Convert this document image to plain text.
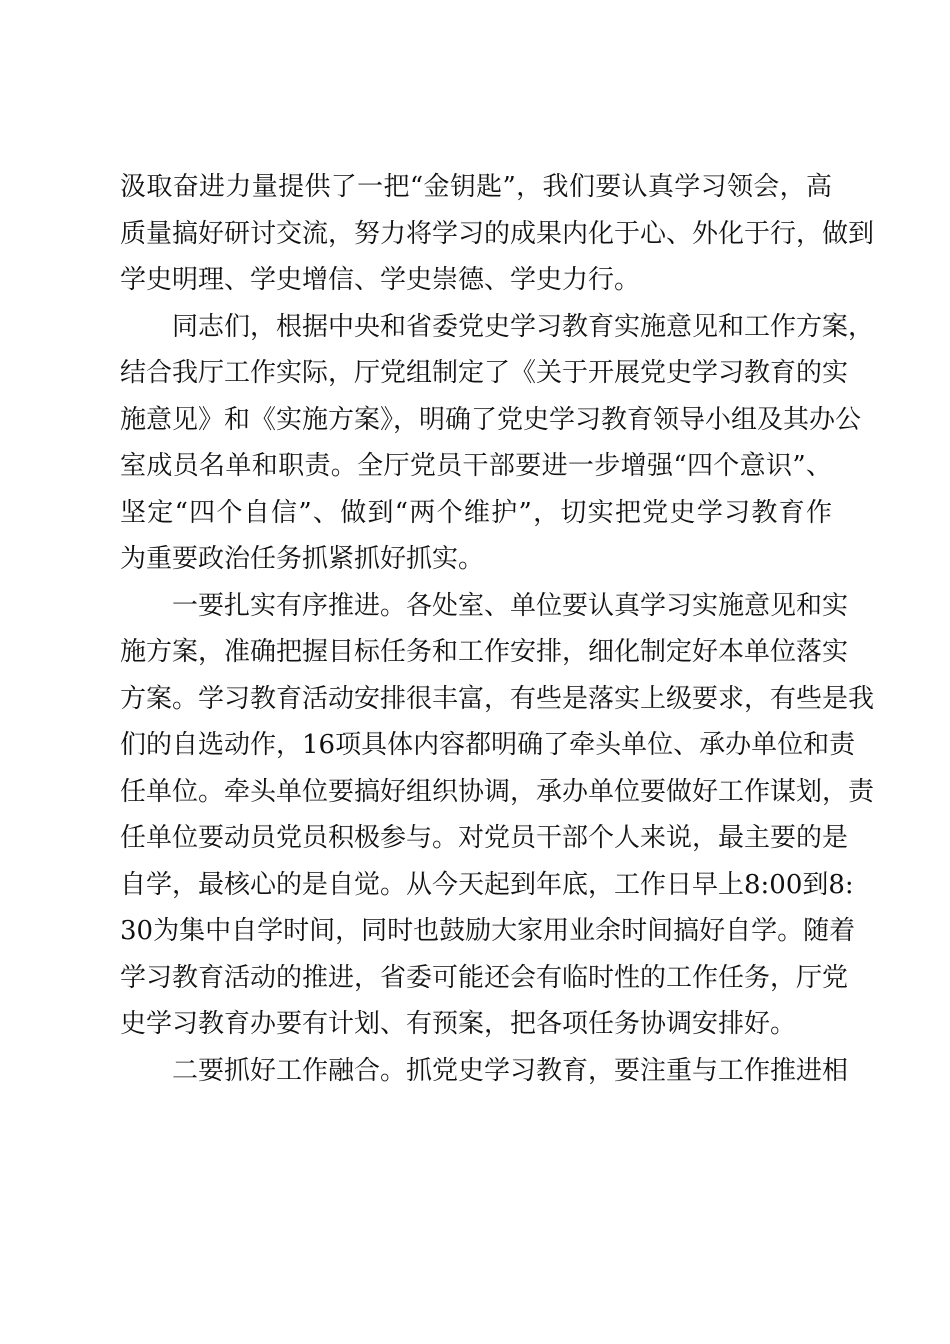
汲取奋进力量提供了一把“金钥匙”，我们要认真学习领会，高
质量搞好研讨交流，努力将学习的成果内化于心、外化于行，做到
学史明理、学史增信、学史崇德、学史力行。

同志们，根据中央和省委党史学习教育实施意见和工作方案，
结合我厅工作实际，厅党组制定了《关于开展党史学习教育的实
施意见》和《实施方案》，明确了党史学习教育领导小组及其办公
室成员名单和职责。全厅党员干部要进一步增强“四个意识”、
坚定“四个自信”、做到“两个维护”，切实把党史学习教育作
为重要政治任务抓紧抓好抓实。

一要扎实有序推进。各处室、单位要认真学习实施意见和实
施方案，准确把握目标任务和工作安排，细化制定好本单位落实
方案。学习教育活动安排很丰富，有些是落实上级要求，有些是我
们的自选动作，16项具体内容都明确了牵头单位、承办单位和责
任单位。牵头单位要搞好组织协调，承办单位要做好工作谋划，责
任单位要动员党员积极参与。对党员干部个人来说，最主要的是
自学，最核心的是自觉。从今天起到年底，工作日早上8:00到8:
30为集中自学时间，同时也鼓励大家用业余时间搞好自学。随着
学习教育活动的推进，省委可能还会有临时性的工作任务，厅党
史学习教育办要有计划、有预案，把各项任务协调安排好。

二要抓好工作融合。抓党史学习教育，要注重与工作推进相
